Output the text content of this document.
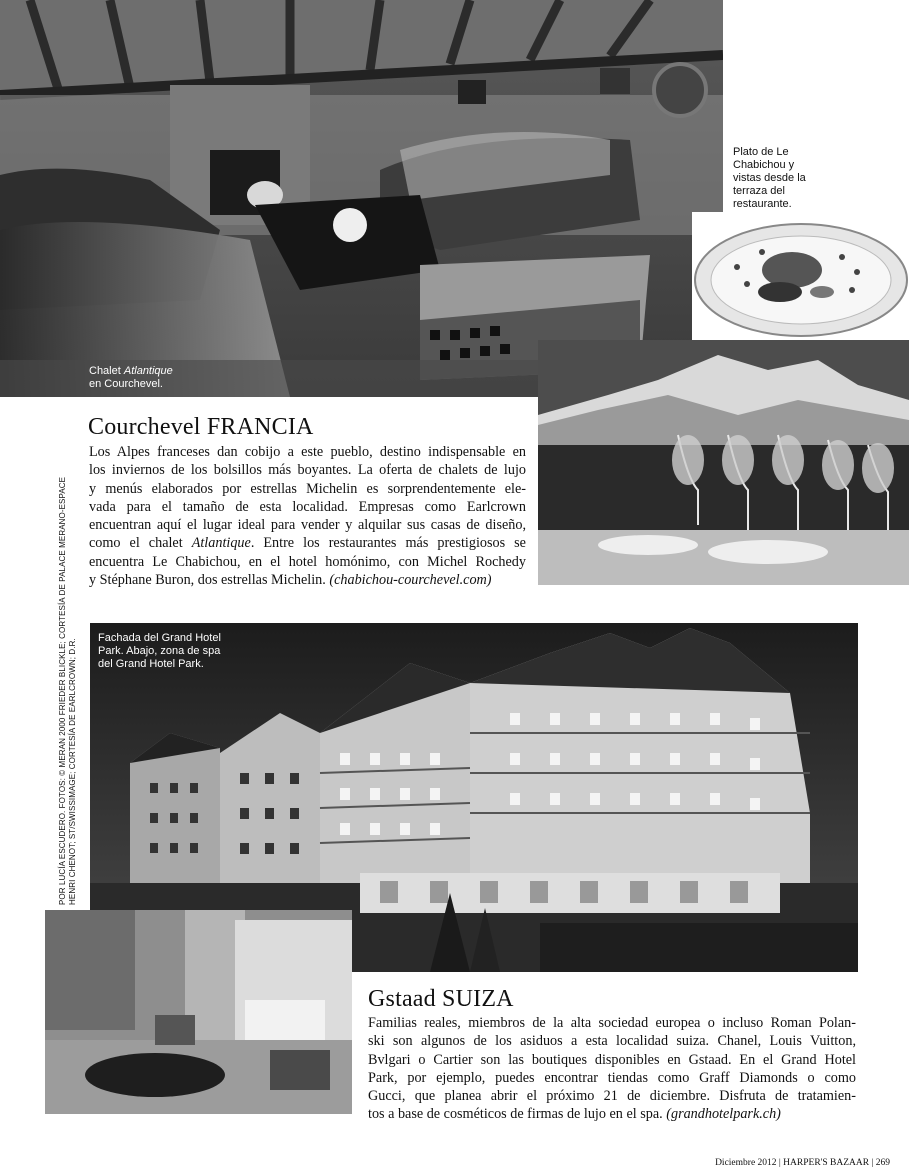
Chalet Atlantique
en Courchevel.
Plato de Le
Chabichou y
vistas desde la
terraza del
restaurante.
Fachada del Grand Hotel
Park. Abajo, zona de spa
del Grand Hotel Park.
Courchevel FRANCIA
Los Alpes franceses dan cobijo a este pueblo, destino indispensable en
los inviernos de los bolsillos más boyantes. La oferta de chalets de lujo
y menús elaborados por estrellas Michelin es sorprendentemente ele-
vada para el tamaño de esta localidad. Empresas como Earlcrown
encuentran aquí el lugar ideal para vender y alquilar sus casas de diseño,
como el chalet Atlantique. Entre los restaurantes más prestigiosos se
encuentra Le Chabichou, en el hotel homónimo, con Michel Rochedy
y Stéphane Buron, dos estrellas Michelin. (chabichou-courchevel.com)
Gstaad SUIZA
Familias reales, miembros de la alta sociedad europea o incluso Roman Polan-
ski son algunos de los asiduos a esta localidad suiza. Chanel, Louis Vuitton,
Bvlgari o Cartier son las boutiques disponibles en Gstaad. En el Grand Hotel
Park, por ejemplo, puedes encontrar tiendas como Graff Diamonds o como
Gucci, que planea abrir el próximo 21 de diciembre. Disfruta de tratamien-
tos a base de cosméticos de firmas de lujo en el spa. (grandhotelpark.ch)
POR LUCÍA ESCUDERO. FOTOS: © MERAN 2000 FRIEDER BLICKLE; CORTESÍA DE PALACE MERANO-ESPACE HENRI CHENOT; ST/SWISSIMAGE; CORTESÍA DE EARLCROWN; D.R.
Diciembre 2012 | HARPER'S BAZAAR | 269
